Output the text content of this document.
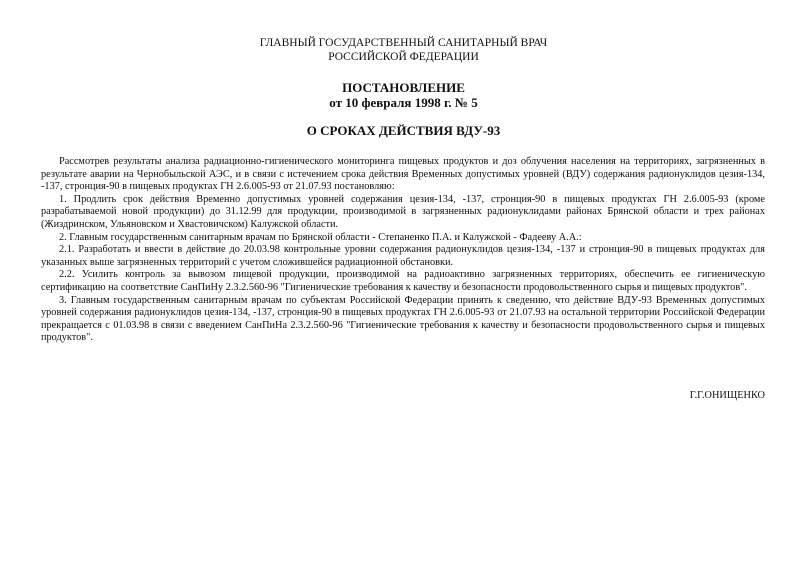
ГЛАВНЫЙ ГОСУДАРСТВЕННЫЙ САНИТАРНЫЙ ВРАЧ
РОССИЙСКОЙ ФЕДЕРАЦИИ
ПОСТАНОВЛЕНИЕ
от 10 февраля 1998 г. № 5
О СРОКАХ ДЕЙСТВИЯ ВДУ-93

Рассмотрев результаты анализа радиационно-гигиенического мониторинга пищевых продуктов и доз облучения населения на территориях, загрязненных в результате аварии на Чернобыльской АЭС, и в связи с истечением срока действия Временных допустимых уровней (ВДУ) содержания радионуклидов цезия-134, -137, стронция-90 в пищевых продуктах ГН 2.6.005-93 от 21.07.93 постановляю:

1. Продлить срок действия Временно допустимых уровней содержания цезия-134, -137, стронция-90 в пищевых продуктах ГН 2.6.005-93 (кроме разрабатываемой новой продукции) до 31.12.99 для продукции, производимой в загрязненных радионуклидами районах Брянской области и трех районах (Жиздринском, Ульяновском и Хвастовичском) Калужской области.

2. Главным государственным санитарным врачам по Брянской области - Степаненко П.А. и Калужской - Фадееву А.А.:

2.1. Разработать и ввести в действие до 20.03.98 контрольные уровни содержания радионуклидов цезия-134, -137 и стронция-90 в пищевых продуктах для указанных выше загрязненных территорий с учетом сложившейся радиационной обстановки.

2.2. Усилить контроль за вывозом пищевой продукции, производимой на радиоактивно загрязненных территориях, обеспечить ее гигиеническую сертификацию на соответствие СанПиНу 2.3.2.560-96 "Гигиенические требования к качеству и безопасности продовольственного сырья и пищевых продуктов".

3. Главным государственным санитарным врачам по субъектам Российской Федерации принять к сведению, что действие ВДУ-93 Временных допустимых уровней содержания радионуклидов цезия-134, -137, стронция-90 в пищевых продуктах ГН 2.6.005-93 от 21.07.93 на остальной территории Российской Федерации прекращается с 01.03.98 в связи с введением СанПиНа 2.3.2.560-96 "Гигиенические требования к качеству и безопасности продовольственного сырья и пищевых продуктов".

Г.Г.ОНИЩЕНКО
